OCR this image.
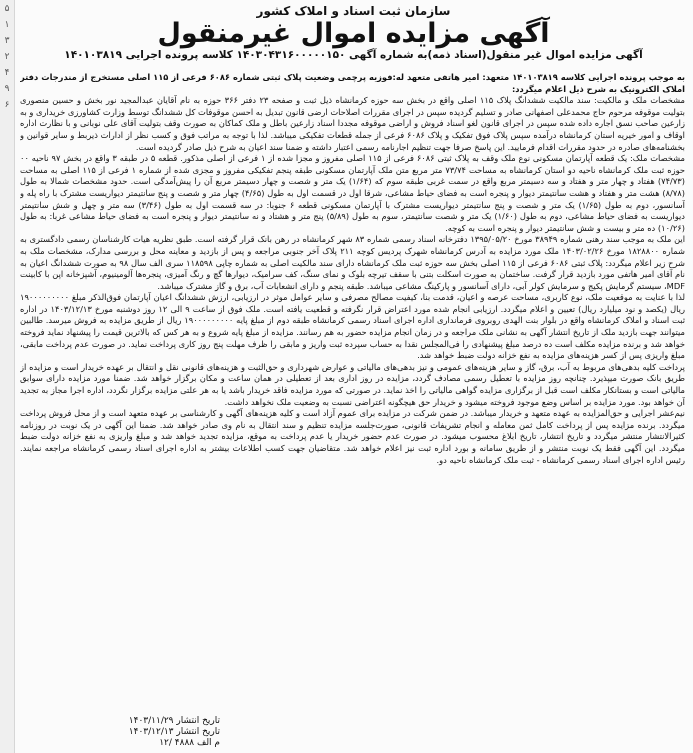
۵
۱
۳
۲
۴
۹
۶
سازمان ثبت اسناد و املاک کشور
آگهی مزایده اموال غیرمنقول
آگهی مزایده اموال غیر منقول(اسناد ذمه)به شماره آگهی ۱۴۰۳۰۴۳۱۶۰۰۰۰۰۱۵۰ کلاسه پرونده اجرایی ۱۴۰۱۰۳۸۱۹

به موجب پرونده اجرایی کلاسه ۱۴۰۱۰۳۸۱۹ متعهد: امیر هاتفی متعهد له:فوزیه پرچمی وضعیت پلاک ثبتی شماره ۶۰۸۶ فرعی از ۱۱۵ اصلی مستخرج از مندرجات دفتر املاک الکترونیک به شرح ذیل اعلام میگردد:

مشخصات ملک و مالکیت: سند مالکیت ششدانگ پلاک ۱۱۵ اصلی واقع در بخش سه حوزه کرمانشاه ذیل ثبت و صفحه ۲۳ دفتر ۳۶۶ حوزه به نام آقایان عبدالمجید نور بخش و حسین منصوری بتولیت موقوفه مرحوم حاج محمدعلی اصفهانی صادر و تسلیم گردیده سپس در اجرای مقررات اصلاحات ارضی قانون تبدیل به احسن موقوفات کل ششدانگ توسط وزارت کشاورزی خریداری و به زارعین صاحب نسق اجاره داده شده سپس در اجرای قانون لغو اسناد فروش و اراضی موقوفه مجددا اسناد زارعین باطل و ملک کماکان به صورت وقف بتولیت آقای علی نوبانی و با نظارت اداره اوقاف و امور خیریه استان کرمانشاه درآمده سپس پلاک فوق تفکیک و پلاک ۶۰۸۶ فرعی از جمله قطعات تفکیکی میباشد. لذا با توجه به مراتب فوق و کسب نظر از ادارات ذیربط و سایر قوانین و بخشنامه‌های صادره در حدود مقررات اقدام فرمایید. این پاسخ صرفا جهت تنظیم اجارنامه رسمی اعتبار داشته و ضمنا سند اعیان به شرح ذیل صادر گردیده است.

مشخصات ملک: یک قطعه آپارتمان مسکونی نوع ملک وقف به پلاک ثبتی ۶۰۸۶ فرعی از ۱۱۵ اصلی مفروز و مجزا شده از ۱ فرعی از اصلی مذکور. قطعه ۵ در طبقه ۳ واقع در بخش ۹۷ ناحیه ۰۰ حوزه ثبت ملک کرمانشاه ناحیه دو استان کرمانشاه به مساحت ۷۳/۷۴ متر مربع متن ملک آپارتمان مسکونی طبقه پنجم تفکیکی مفروز و مجزی شده از شماره ۱ فرعی از ۱۱۵ اصلی به مساحت (۷۴/۷۳) هفتاد و چهار متر و هفتاد و سه دسیمتر مربع واقع در سمت غربی طبقه سوم که (۱/۶۴) یک متر و شصت و چهار دسیمتر مربع آن را پیش‌آمدگی است. حدود مشخصات شمالا به طول (۸/۷۸) هشت متر و هفتاد و هشت سانتیمتر دیوار و پنجره است به فضای حیاط مشاعی، شرقا اول در قسمت اول به طول (۴/۶۵) چهار متر و شصت و پنج سانتیمتر دیواریست مشترک با راه پله و آسانسور، دوم به طول (۱/۶۵) یک متر و شصت و پنج سانتیمتر دیواریست مشترک با آپارتمان مسکونی قطعه ۶ جنوبا: در سه قسمت اول به طول (۳/۴۶) سه متر و چهل و شش سانتیمتر دیواریست به فضای حیاط مشاعی، دوم به طول (۱/۶۰) یک متر و شصت سانتیمتر، سوم به طول (۵/۸۹) پنج متر و هشتاد و نه سانتیمتر دیوار و پنجره است به فضای حیاط مشاعی غربا: به طول (۱۰/۲۶) ده متر و بیست و شش سانتیمتر دیوار و پنجره است به کوچه.

این ملک به موجب سند رهنی شماره ۳۸۹۴۹ مورخ ۱۳۹۵/۰۵/۲۰ دفترخانه اسناد رسمی شماره ۸۳ شهر کرمانشاه در رهن بانک قرار گرفته است. طبق نظریه هیات کارشناسان رسمی دادگستری به شماره ۱۸۲۸۸۰۰ مورخ ۱۴۰۳/۰۲/۲۶ ملک مورد مزایده به آدرس کرمانشاه شهرک پردیس کوچه ۲۱۱ پلاک آخر جنوبی مراجعه و پس از بازدید و معاینه محل و بررسی مدارک، مشخصات ملک به شرح زیر اعلام میگردد: پلاک ثبتی ۶۰۸۶ فرعی از ۱۱۵ اصلی بخش سه حوزه ثبت ملک کرمانشاه دارای سند مالکیت اصلی به شماره چاپی ۱۱۸۵۹۸ سری الف سال ۹۸ به صورت ششدانگ اعیان به نام آقای امیر هاتفی مورد بازدید قرار گرفت. ساختمان به صورت اسکلت بتنی با سقف تیرچه بلوک و نمای سنگ، کف سرامیک، دیوارها گچ و رنگ آمیزی، پنجره‌ها آلومینیوم، آشپزخانه اپن با کابینت MDF، سیستم گرمایش پکیج و سرمایش کولر آبی، دارای آسانسور و پارکینگ مشاعی میباشد. طبقه پنجم و دارای انشعابات آب، برق و گاز مشترک میباشد.

لذا با عنایت به موقعیت ملک، نوع کاربری، مساحت عرصه و اعیان، قدمت بنا، کیفیت مصالح مصرفی و سایر عوامل موثر در ارزیابی، ارزش ششدانگ اعیان آپارتمان فوق‌الذکر مبلغ ۱۹۰۰۰۰۰۰۰۰۰ ریال (یکصد و نود میلیارد ریال) تعیین و اعلام میگردد. ارزیابی انجام شده مورد اعتراض قرار نگرفته و قطعیت یافته است. ملک فوق از ساعت ۹ الی ۱۲ روز دوشنبه مورخ ۱۴۰۳/۱۲/۱۳ در اداره ثبت اسناد و املاک کرمانشاه واقع در بلوار بنت الهدی روبروی فرمانداری اداره اجرای اسناد رسمی کرمانشاه طبقه دوم از مبلغ پایه ۱۹۰۰۰۰۰۰۰۰۰ ریال از طریق مزایده به فروش میرسد. طالبین میتوانند جهت بازدید ملک از تاریخ انتشار آگهی به نشانی ملک مراجعه و در زمان انجام مزایده حضور به هم رسانند. مزایده از مبلغ پایه شروع و به هر کس که بالاترین قیمت را پیشنهاد نماید فروخته خواهد شد و برنده مزایده مکلف است ده درصد مبلغ پیشنهادی را فی‌المجلس نقدا به حساب سپرده ثبت واریز و مابقی را ظرف مهلت پنج روز کاری پرداخت نماید. در صورت عدم پرداخت مابقی، مبلغ واریزی پس از کسر هزینه‌های مزایده به نفع خزانه دولت ضبط خواهد شد.

پرداخت کلیه بدهی‌های مربوط به آب، برق، گاز و سایر هزینه‌های عمومی و نیز بدهی‌های مالیاتی و عوارض شهرداری و حق‌الثبت و هزینه‌های قانونی نقل و انتقال بر عهده خریدار است و مزایده از طریق بانک صورت میپذیرد. چنانچه روز مزایده با تعطیل رسمی مصادف گردد، مزایده در روز اداری بعد از تعطیلی در همان ساعت و مکان برگزار خواهد شد. ضمنا مورد مزایده دارای سوابق مالیاتی است و بستانکار مکلف است قبل از برگزاری مزایده گواهی مالیاتی را اخذ نماید. در صورتی که مورد مزایده فاقد خریدار باشد یا به هر علتی مزایده برگزار نگردد، اداره اجرا مجاز به تجدید آن خواهد بود. مورد مزایده بر اساس وضع موجود فروخته میشود و خریدار حق هیچگونه اعتراضی نسبت به وضعیت ملک نخواهد داشت.

نیم‌عشر اجرایی و حق‌المزایده به عهده متعهد و خریدار میباشد. در ضمن شرکت در مزایده برای عموم آزاد است و کلیه هزینه‌های آگهی و کارشناسی بر عهده متعهد است و از محل فروش پرداخت میگردد. برنده مزایده پس از پرداخت کامل ثمن معامله و انجام تشریفات قانونی، صورت‌جلسه مزایده تنظیم و سند انتقال به نام وی صادر خواهد شد. ضمنا این آگهی در یک نوبت در روزنامه کثیرالانتشار منتشر میگردد و تاریخ انتشار، تاریخ ابلاغ محسوب میشود. در صورت عدم حضور خریدار یا عدم پرداخت به موقع، مزایده تجدید خواهد شد و مبلغ واریزی به نفع خزانه دولت ضبط میگردد. این آگهی فقط یک نوبت منتشر و از طریق سامانه و بورد اداره ثبت نیز اعلام خواهد شد. متقاضیان جهت کسب اطلاعات بیشتر به اداره اجرای اسناد رسمی کرمانشاه مراجعه نمایند. رئیس اداره اجرای اسناد رسمی کرمانشاه - ثبت ملک کرمانشاه ناحیه دو.

تاریخ انتشار ۱۴۰۳/۱۱/۲۹
تاریخ انتشار ۱۴۰۳/۱۲/۱۳
م الف ۴۸۸۸ /۱۲
